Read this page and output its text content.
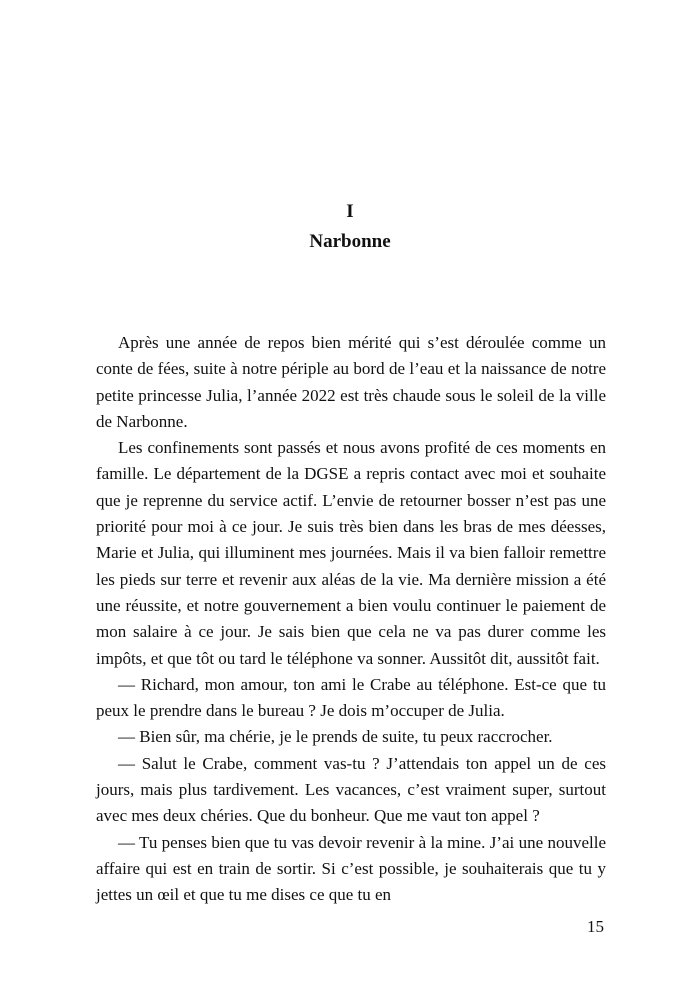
I
Narbonne

Après une année de repos bien mérité qui s’est déroulée comme un conte de fées, suite à notre périple au bord de l’eau et la naissance de notre petite princesse Julia, l’année 2022 est très chaude sous le soleil de la ville de Narbonne.

Les confinements sont passés et nous avons profité de ces moments en famille. Le département de la DGSE a repris contact avec moi et souhaite que je reprenne du service actif. L’envie de retourner bosser n’est pas une priorité pour moi à ce jour. Je suis très bien dans les bras de mes déesses, Marie et Julia, qui illuminent mes journées. Mais il va bien falloir remettre les pieds sur terre et revenir aux aléas de la vie. Ma dernière mission a été une réussite, et notre gouvernement a bien voulu continuer le paiement de mon salaire à ce jour. Je sais bien que cela ne va pas durer comme les impôts, et que tôt ou tard le téléphone va sonner. Aussitôt dit, aussitôt fait.

— Richard, mon amour, ton ami le Crabe au téléphone. Est-ce que tu peux le prendre dans le bureau ? Je dois m’occuper de Julia.

— Bien sûr, ma chérie, je le prends de suite, tu peux raccrocher.

— Salut le Crabe, comment vas-tu ? J’attendais ton appel un de ces jours, mais plus tardivement. Les vacances, c’est vraiment super, surtout avec mes deux chéries. Que du bonheur. Que me vaut ton appel ?

— Tu penses bien que tu vas devoir revenir à la mine. J’ai une nouvelle affaire qui est en train de sortir. Si c’est possible, je souhaiterais que tu y jettes un œil et que tu me dises ce que tu en

15
